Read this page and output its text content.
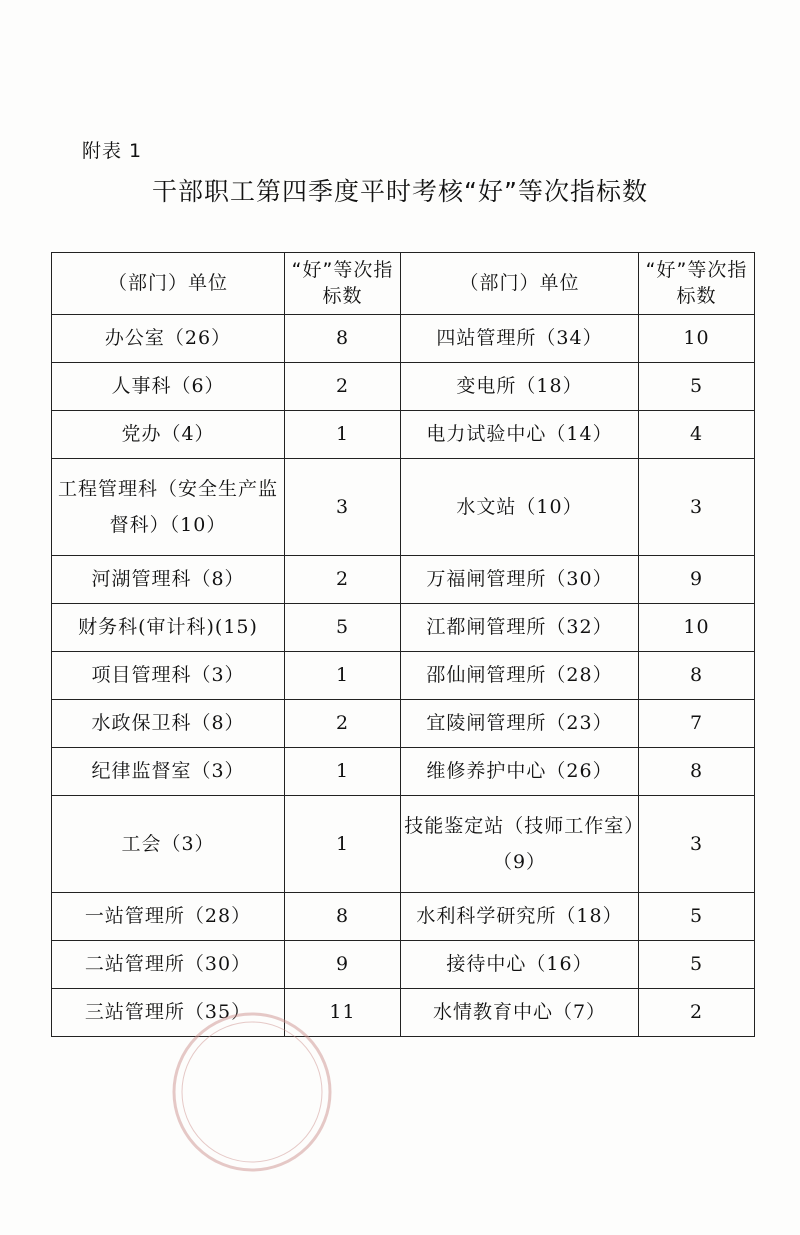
附表 1
干部职工第四季度平时考核“好”等次指标数
（部门）单位	“好”等次指标数	（部门）单位	“好”等次指标数
办公室（26）	8	四站管理所（34）	10
人事科（6）	2	变电所（18）	5
党办（4）	1	电力试验中心（14）	4
工程管理科（安全生产监督科）（10）	3	水文站（10）	3
河湖管理科（8）	2	万福闸管理所（30）	9
财务科(审计科)(15)	5	江都闸管理所（32）	10
项目管理科（3）	1	邵仙闸管理所（28）	8
水政保卫科（8）	2	宜陵闸管理所（23）	7
纪律监督室（3）	1	维修养护中心（26）	8
工会（3）	1	技能鉴定站（技师工作室）（9）	3
一站管理所（28）	8	水利科学研究所（18）	5
二站管理所（30）	9	接待中心（16）	5
三站管理所（35）	11	水情教育中心（7）	2
